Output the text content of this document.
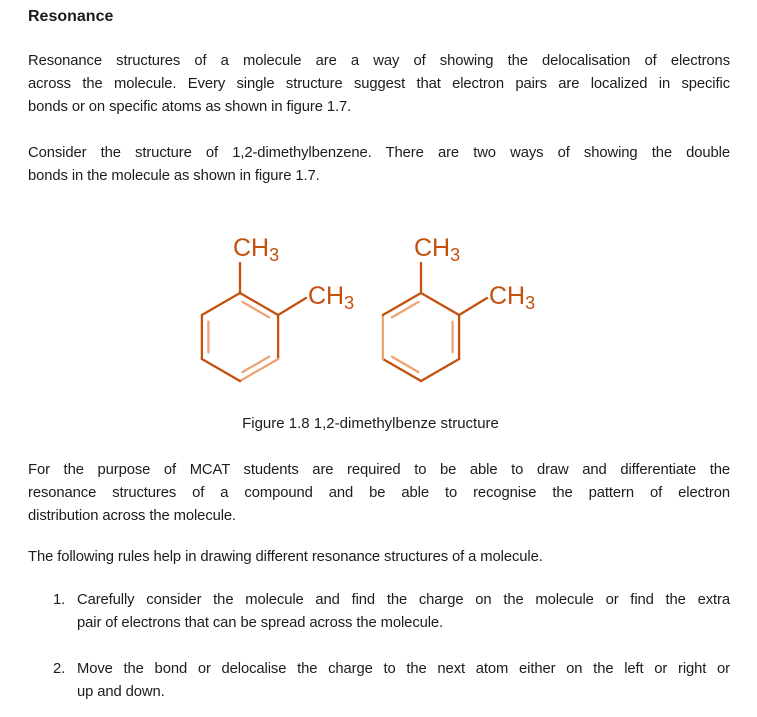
Resonance
Resonance structures of a molecule are a way of showing the delocalisation of electrons
across the molecule. Every single structure suggest that electron pairs are localized in specific
bonds or on specific atoms as shown in figure 1.7.
Consider the structure of 1,2-dimethylbenzene. There are two ways of showing the double
bonds in the molecule as shown in figure 1.7.
$CH_3$
$CH_3$
$CH_3$
$CH_3$
Figure 1.8 1,2-dimethylbenze structure
For the purpose of MCAT students are required to be able to draw and differentiate the
resonance structures of a compound and be able to recognise the pattern of electron
distribution across the molecule.
The following rules help in drawing different resonance structures of a molecule.
1. Carefully consider the molecule and find the charge on the molecule or find the extra
pair of electrons that can be spread across the molecule.
2. Move the bond or delocalise the charge to the next atom either on the left or right or
up and down.
